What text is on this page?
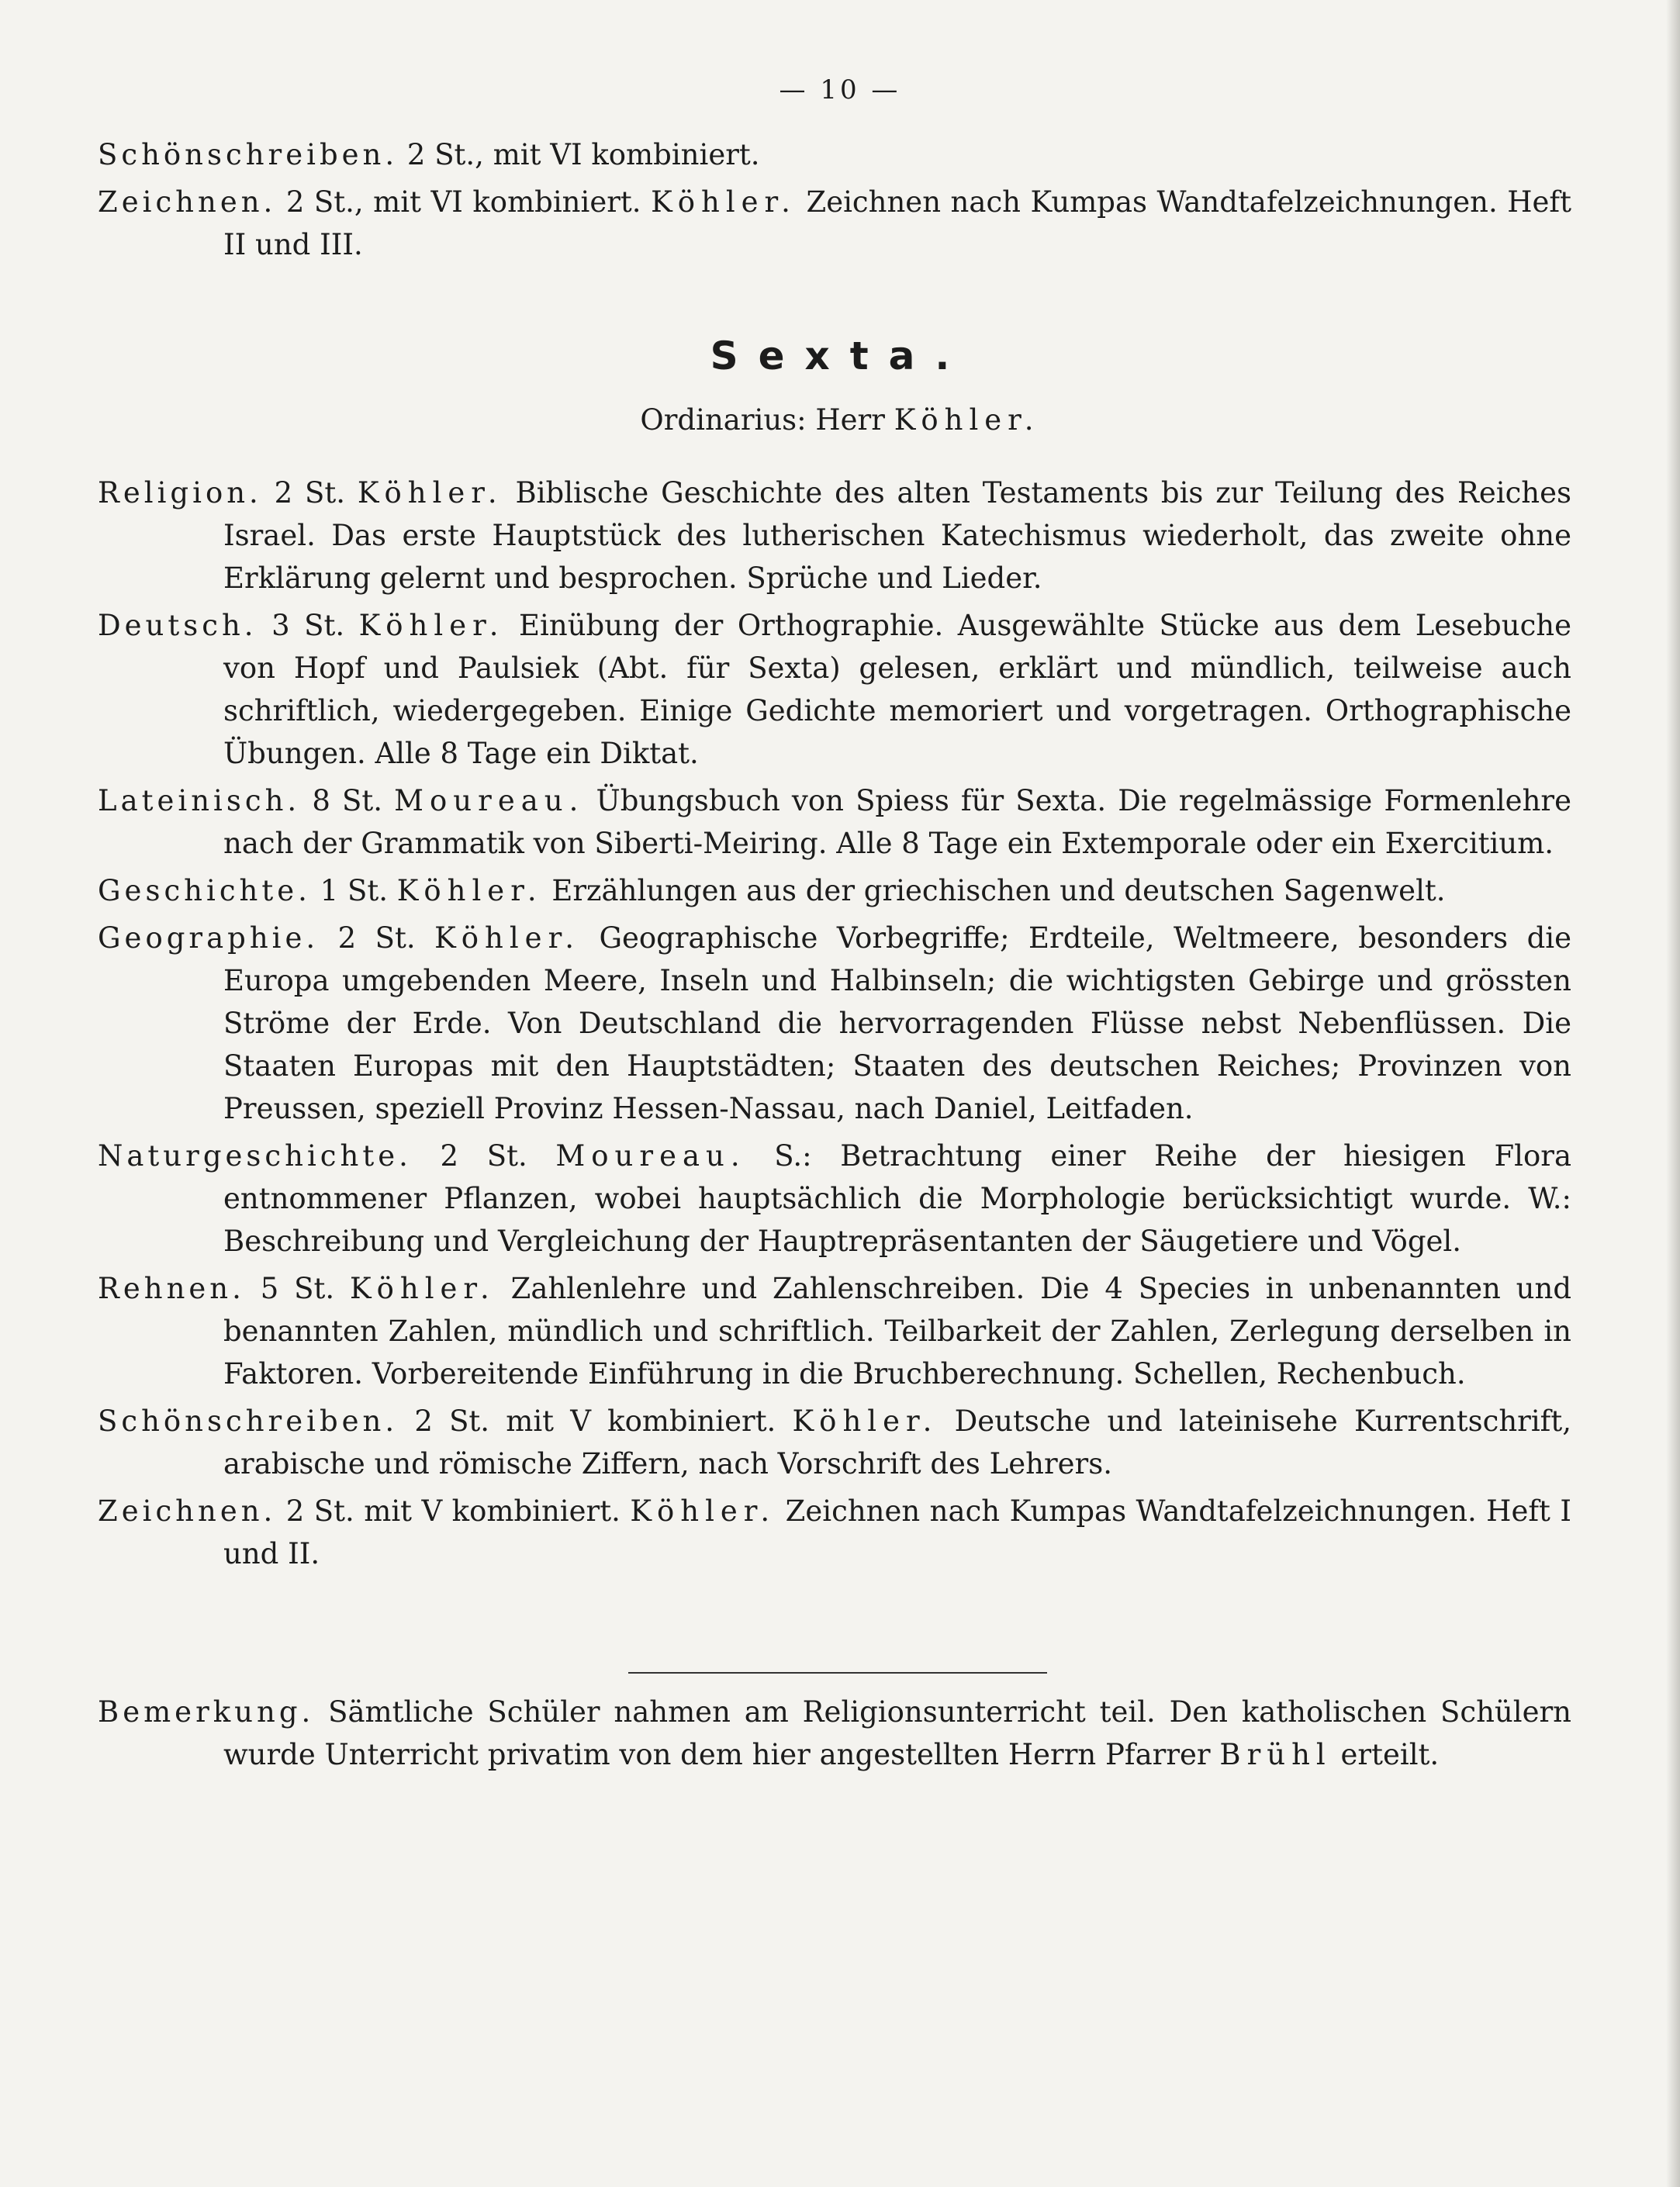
— 10 —

Schönschreiben. 2 St., mit VI kombiniert.

Zeichnen. 2 St., mit VI kombiniert. Köhler. Zeichnen nach Kumpas Wandtafelzeichnungen. Heft II und III.

Sexta.
Ordinarius: Herr Köhler.

Religion. 2 St. Köhler. Biblische Geschichte des alten Testaments bis zur Teilung des Reiches Israel. Das erste Hauptstück des lutherischen Katechismus wiederholt, das zweite ohne Erklärung gelernt und besprochen. Sprüche und Lieder.

Deutsch. 3 St. Köhler. Einübung der Orthographie. Ausgewählte Stücke aus dem Lesebuche von Hopf und Paulsiek (Abt. für Sexta) gelesen, erklärt und mündlich, teilweise auch schriftlich, wiedergegeben. Einige Gedichte memoriert und vorgetragen. Orthographische Übungen. Alle 8 Tage ein Diktat.

Lateinisch. 8 St. Moureau. Übungsbuch von Spiess für Sexta. Die regelmässige Formenlehre nach der Grammatik von Siberti-Meiring. Alle 8 Tage ein Extemporale oder ein Exercitium.

Geschichte. 1 St. Köhler. Erzählungen aus der griechischen und deutschen Sagenwelt.

Geographie. 2 St. Köhler. Geographische Vorbegriffe; Erdteile, Weltmeere, besonders die Europa umgebenden Meere, Inseln und Halbinseln; die wichtigsten Gebirge und grössten Ströme der Erde. Von Deutschland die hervorragenden Flüsse nebst Nebenflüssen. Die Staaten Europas mit den Hauptstädten; Staaten des deutschen Reiches; Provinzen von Preussen, speziell Provinz Hessen-Nassau, nach Daniel, Leitfaden.

Naturgeschichte. 2 St. Moureau. S.: Betrachtung einer Reihe der hiesigen Flora entnommener Pflanzen, wobei hauptsächlich die Morphologie berücksichtigt wurde. W.: Beschreibung und Vergleichung der Hauptrepräsentanten der Säugetiere und Vögel.

Rehnen. 5 St. Köhler. Zahlenlehre und Zahlenschreiben. Die 4 Species in unbenannten und benannten Zahlen, mündlich und schriftlich. Teilbarkeit der Zahlen, Zerlegung derselben in Faktoren. Vorbereitende Einführung in die Bruchberechnung. Schellen, Rechenbuch.

Schönschreiben. 2 St. mit V kombiniert. Köhler. Deutsche und lateinisehe Kurrentschrift, arabische und römische Ziffern, nach Vorschrift des Lehrers.

Zeichnen. 2 St. mit V kombiniert. Köhler. Zeichnen nach Kumpas Wandtafelzeichnungen. Heft I und II.

Bemerkung. Sämtliche Schüler nahmen am Religionsunterricht teil. Den katholischen Schülern wurde Unterricht privatim von dem hier angestellten Herrn Pfarrer Brühl erteilt.
